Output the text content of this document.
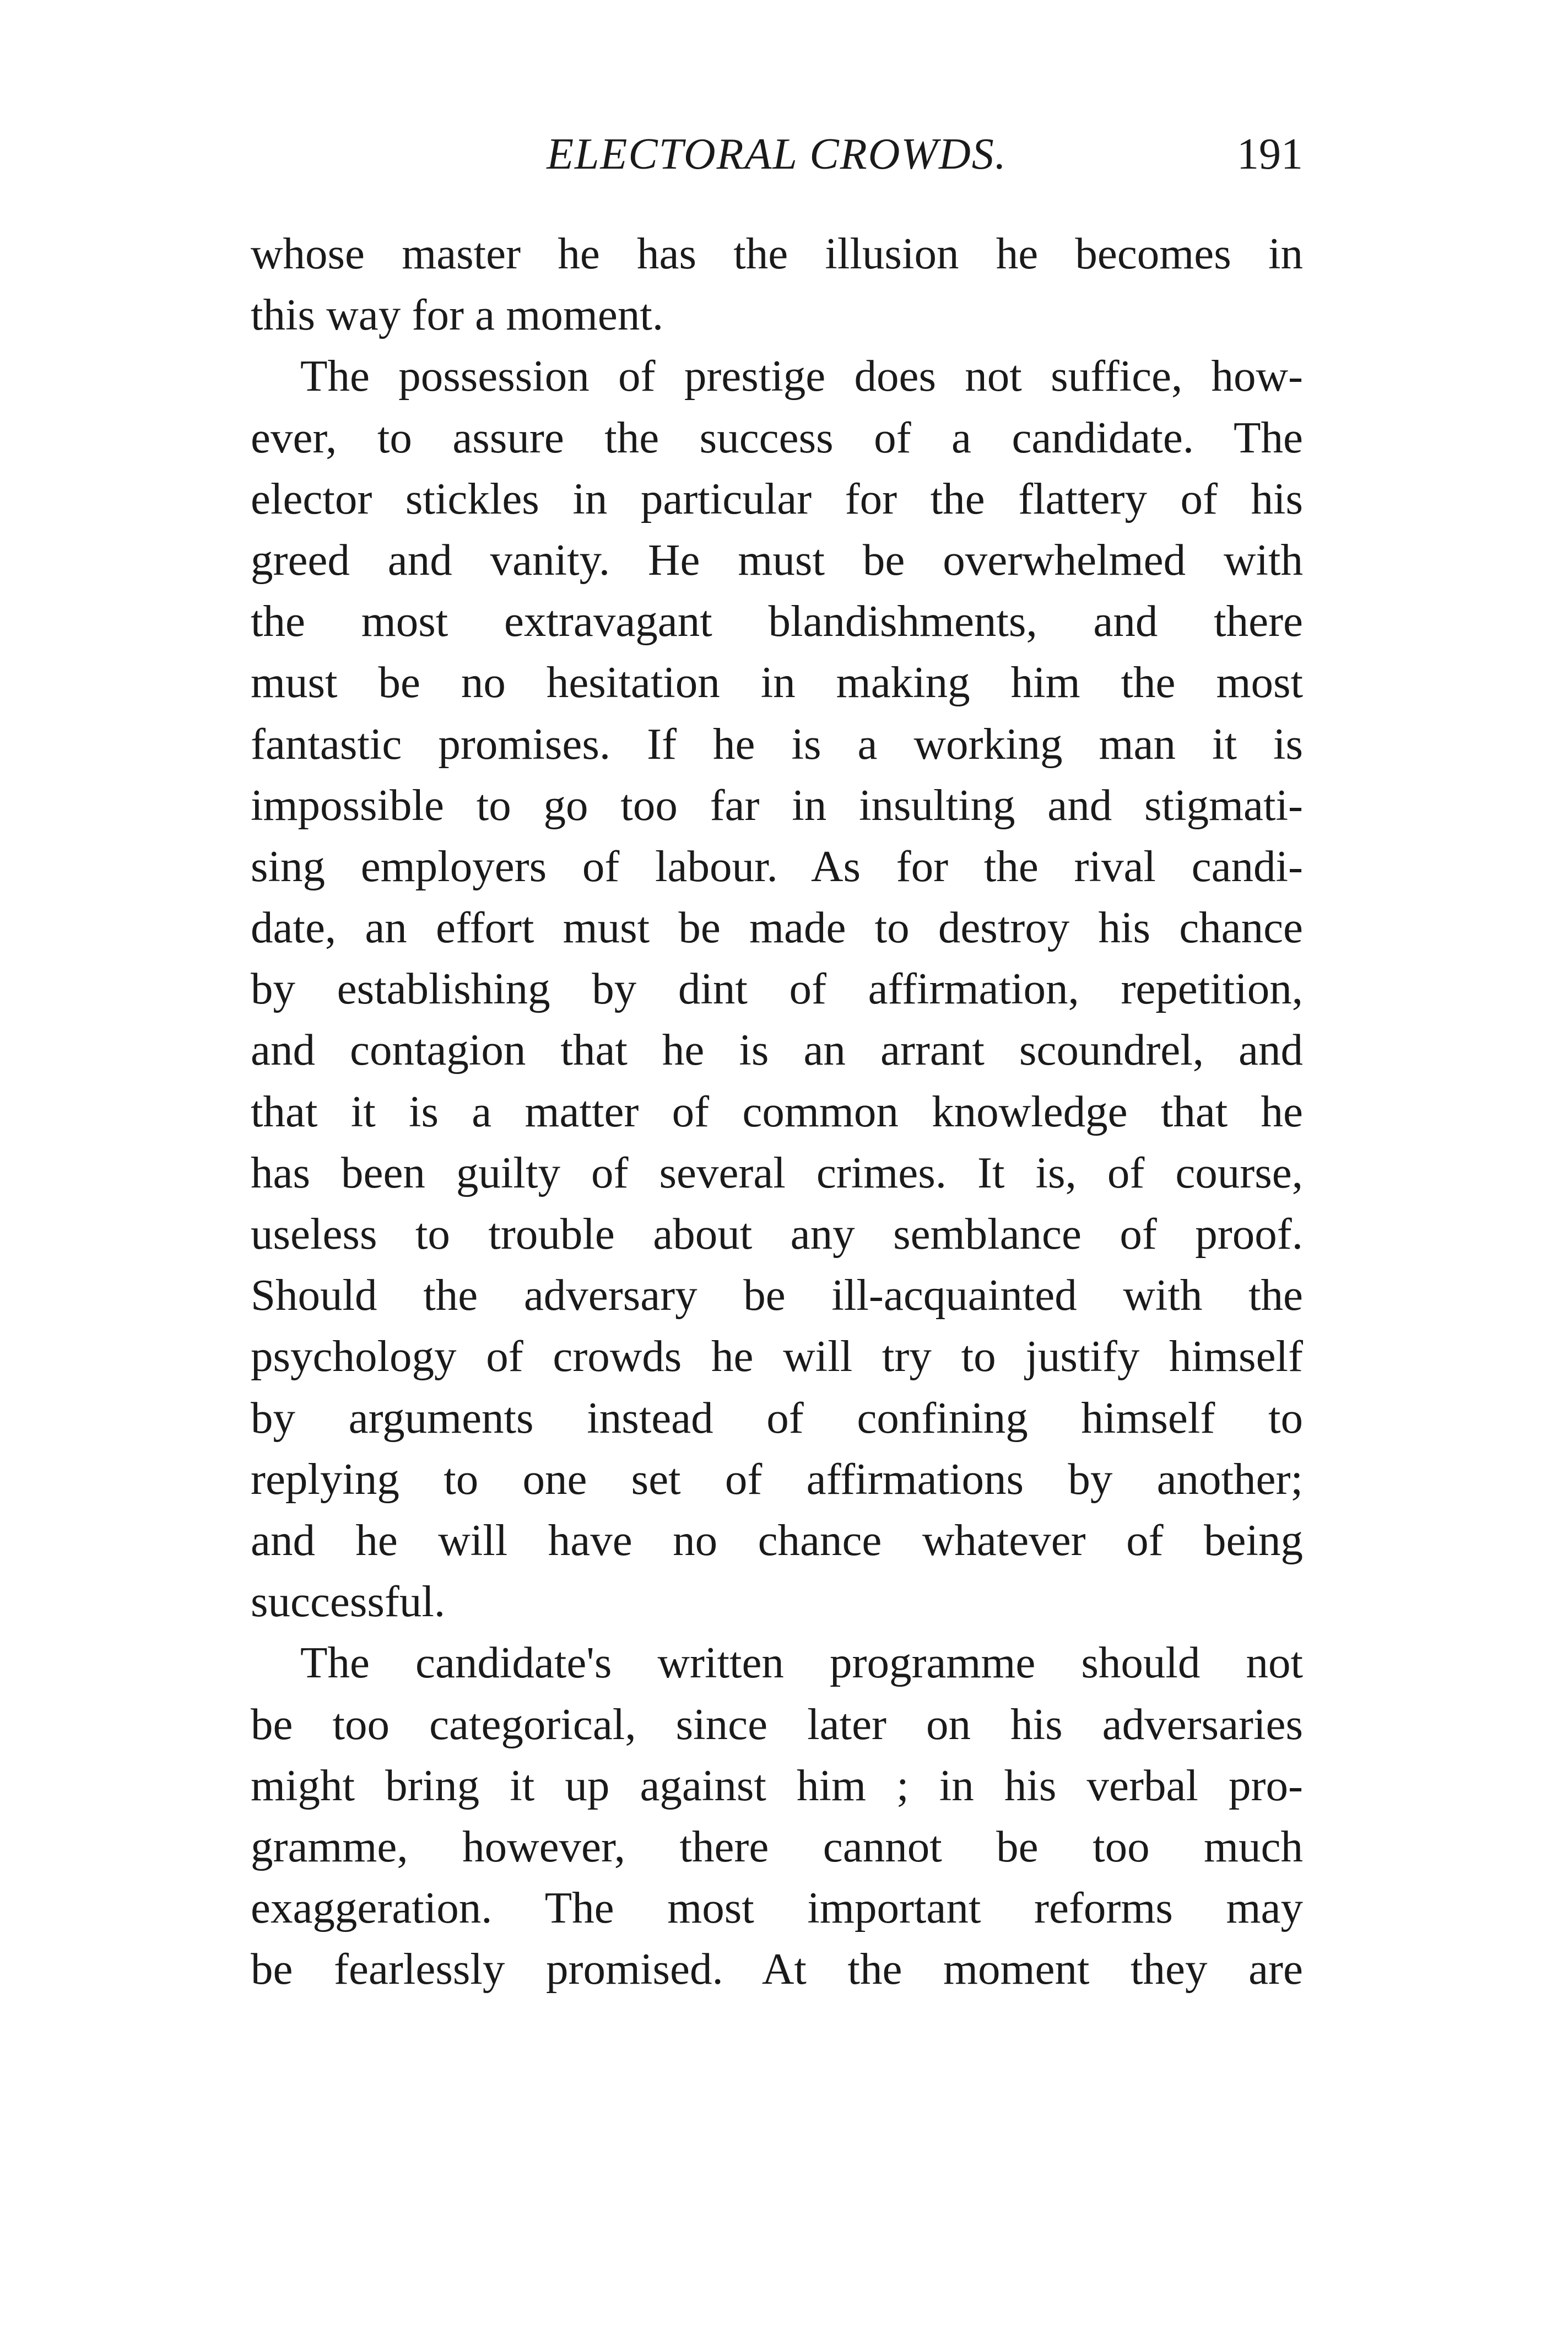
ELECTORAL CROWDS.	191
whose master he has the illusion he becomes in
this way for a moment.
The possession of prestige does not suffice, how-
ever, to assure the success of a candidate. The
elector stickles in particular for the flattery of his
greed and vanity. He must be overwhelmed with
the most extravagant blandishments, and there
must be no hesitation in making him the most
fantastic promises. If he is a working man it is
impossible to go too far in insulting and stigmati-
sing employers of labour. As for the rival candi-
date, an effort must be made to destroy his chance
by establishing by dint of affirmation, repetition,
and contagion that he is an arrant scoundrel, and
that it is a matter of common knowledge that he
has been guilty of several crimes. It is, of course,
useless to trouble about any semblance of proof.
Should the adversary be ill-acquainted with the
psychology of crowds he will try to justify himself
by arguments instead of confining himself to
replying to one set of affirmations by another;
and he will have no chance whatever of being
successful.
The candidate's written programme should not
be too categorical, since later on his adversaries
might bring it up against him ; in his verbal pro-
gramme, however, there cannot be too much
exaggeration. The most important reforms may
be fearlessly promised. At the moment they are
